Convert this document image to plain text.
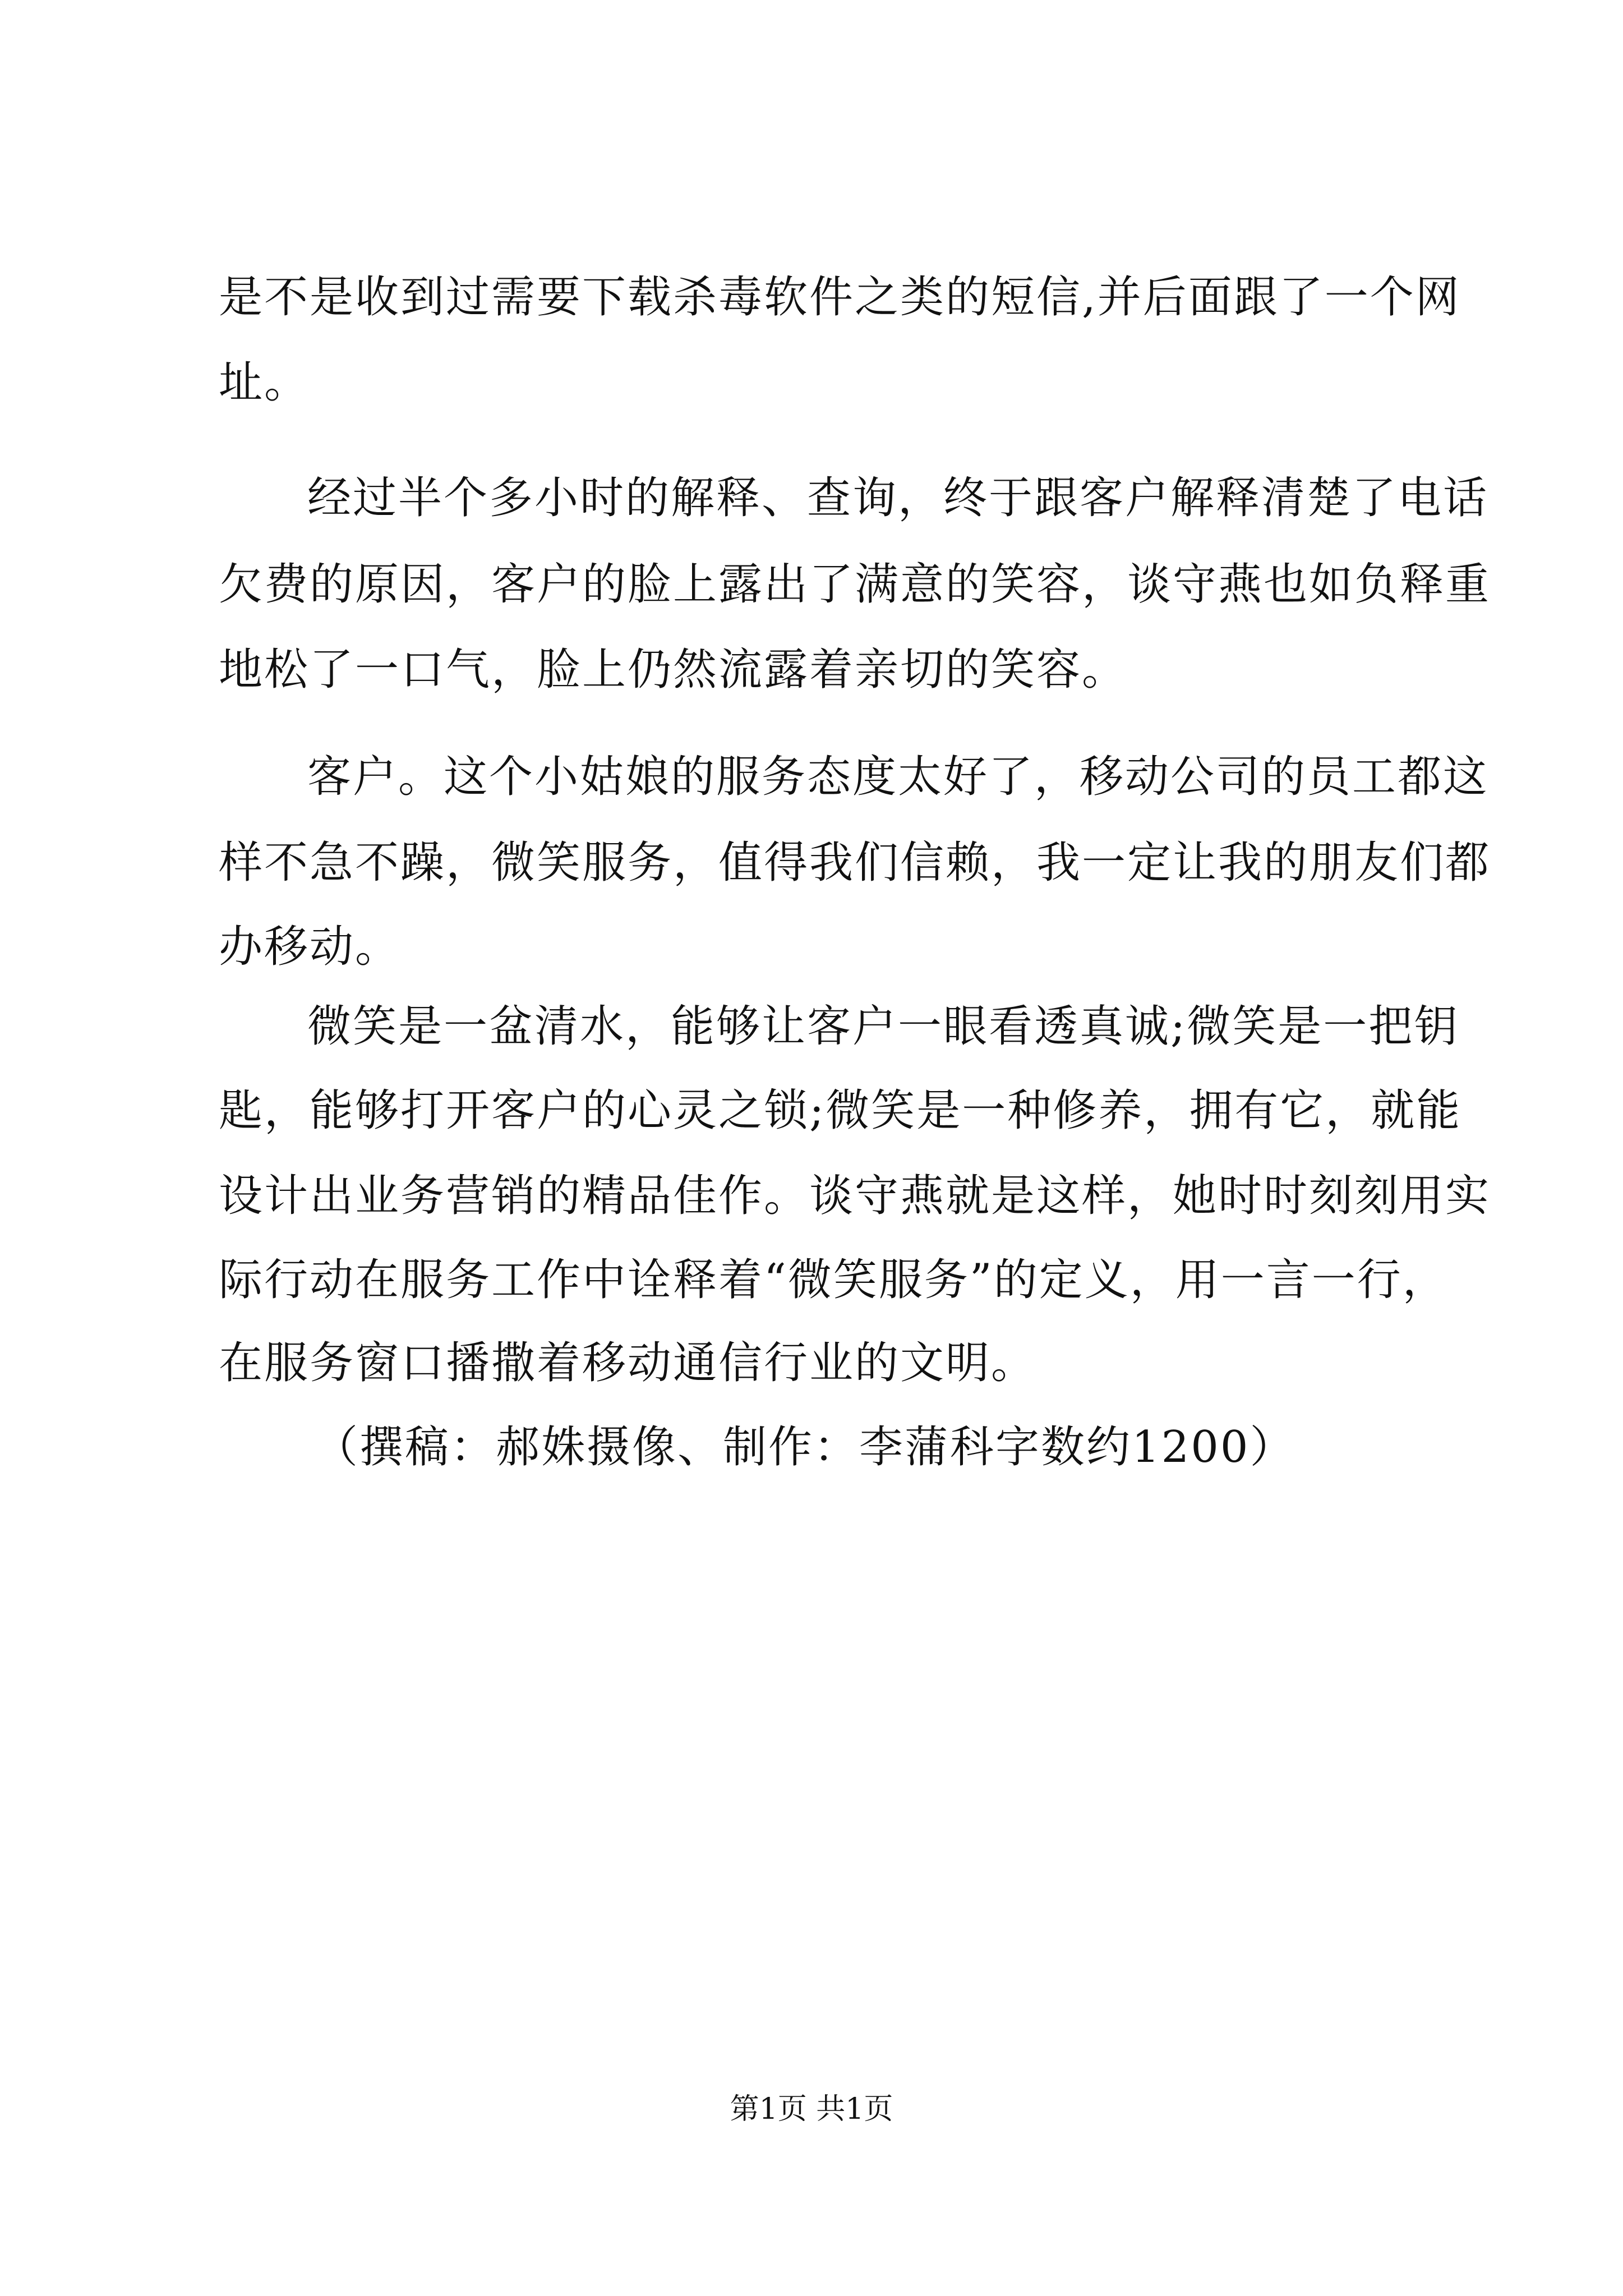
是不是收到过需要下载杀毒软件之类的短信,并后面跟了一个网
址。
经过半个多小时的解释、查询，终于跟客户解释清楚了电话
欠费的原因，客户的脸上露出了满意的笑容，谈守燕也如负释重
地松了一口气，脸上仍然流露着亲切的笑容。
客户。这个小姑娘的服务态度太好了，移动公司的员工都这
样不急不躁，微笑服务，值得我们信赖，我一定让我的朋友们都
办移动。
微笑是一盆清水，能够让客户一眼看透真诚;微笑是一把钥
匙，能够打开客户的心灵之锁;微笑是一种修养，拥有它，就能
设计出业务营销的精品佳作。谈守燕就是这样，她时时刻刻用实
际行动在服务工作中诠释着“微笑服务”的定义，用一言一行，
在服务窗口播撒着移动通信行业的文明。
（撰稿：郝姝摄像、制作：李蒲科字数约1200）
第1页 共1页
